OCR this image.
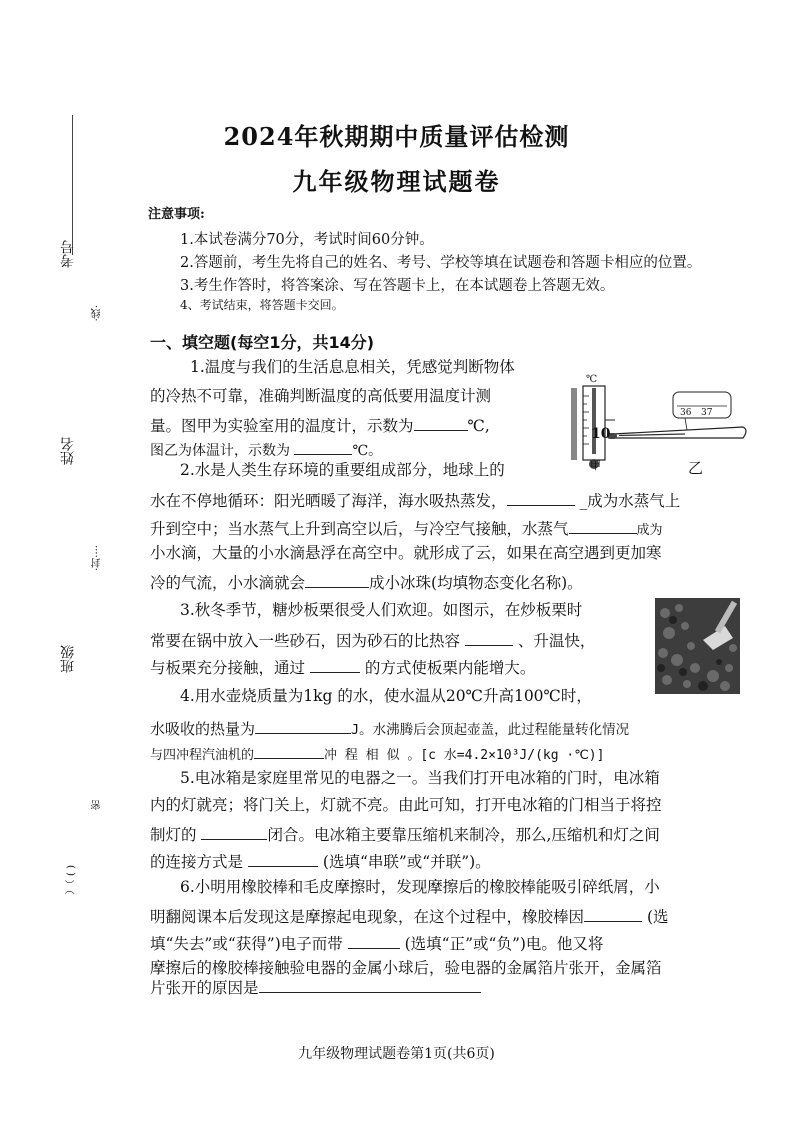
考号
·线·
姓名
·封····
班级
密
）（ ( )
2024年秋期期中质量评估检测
九年级物理试题卷
注意事项:
1.本试卷满分70分，考试时间60分钟。
2.答题前，考生先将自己的姓名、考号、学校等填在试题卷和答题卡相应的位置。
3.考生作答时，将答案涂、写在答题卡上，在本试题卷上答题无效。
4、考试结束，将答题卡交回。
一、填空题(每空1分，共14分)
1.温度与我们的生活息息相关，凭感觉判断物体
的冷热不可靠，准确判断温度的高低要用温度计测
量。图甲为实验室用的温度计，示数为	℃,
图乙为体温计，示数为	℃。
℃
10
36 37
甲	乙
2.水是人类生存环境的重要组成部分，地球上的
水在不停地循环：阳光晒暖了海洋，海水吸热蒸发，	_成为水蒸气上
升到空中；当水蒸气上升到高空以后，与冷空气接触，水蒸气	成为
小水滴，大量的小水滴悬浮在高空中。就形成了云，如果在高空遇到更加寒
冷的气流，小水滴就会	成小冰珠(均填物态变化名称)。
3.秋冬季节，糖炒板栗很受人们欢迎。如图示，在炒板栗时
常要在锅中放入一些砂石，因为砂石的比热容	、升温快，
与板栗充分接触，通过	的方式使板栗内能增大。
4.用水壶烧质量为1kg 的水，使水温从20℃升高100℃时，
水吸收的热量为	J。水沸腾后会顶起壶盖，此过程能量转化情况
与四冲程汽油机的	冲 程 相 似 。[c 水=4.2×10³J/(kg ·℃)]
5.电冰箱是家庭里常见的电器之一。当我们打开电冰箱的门时，电冰箱
内的灯就亮；将门关上，灯就不亮。由此可知，打开电冰箱的门相当于将控
制灯的	闭合。电冰箱主要靠压缩机来制冷，那么,压缩机和灯之间
的连接方式是	(选填“串联”或“并联”)。
6.小明用橡胶棒和毛皮摩擦时，发现摩擦后的橡胶棒能吸引碎纸屑，小
明翻阅课本后发现这是摩擦起电现象，在这个过程中，橡胶棒因	(选
填“失去”或“获得”)电子而带	(选填“正”或“负”)电。他又将
摩擦后的橡胶棒接触验电器的金属小球后，验电器的金属箔片张开，金属箔
片张开的原因是
九年级物理试题卷第1页(共6页)
